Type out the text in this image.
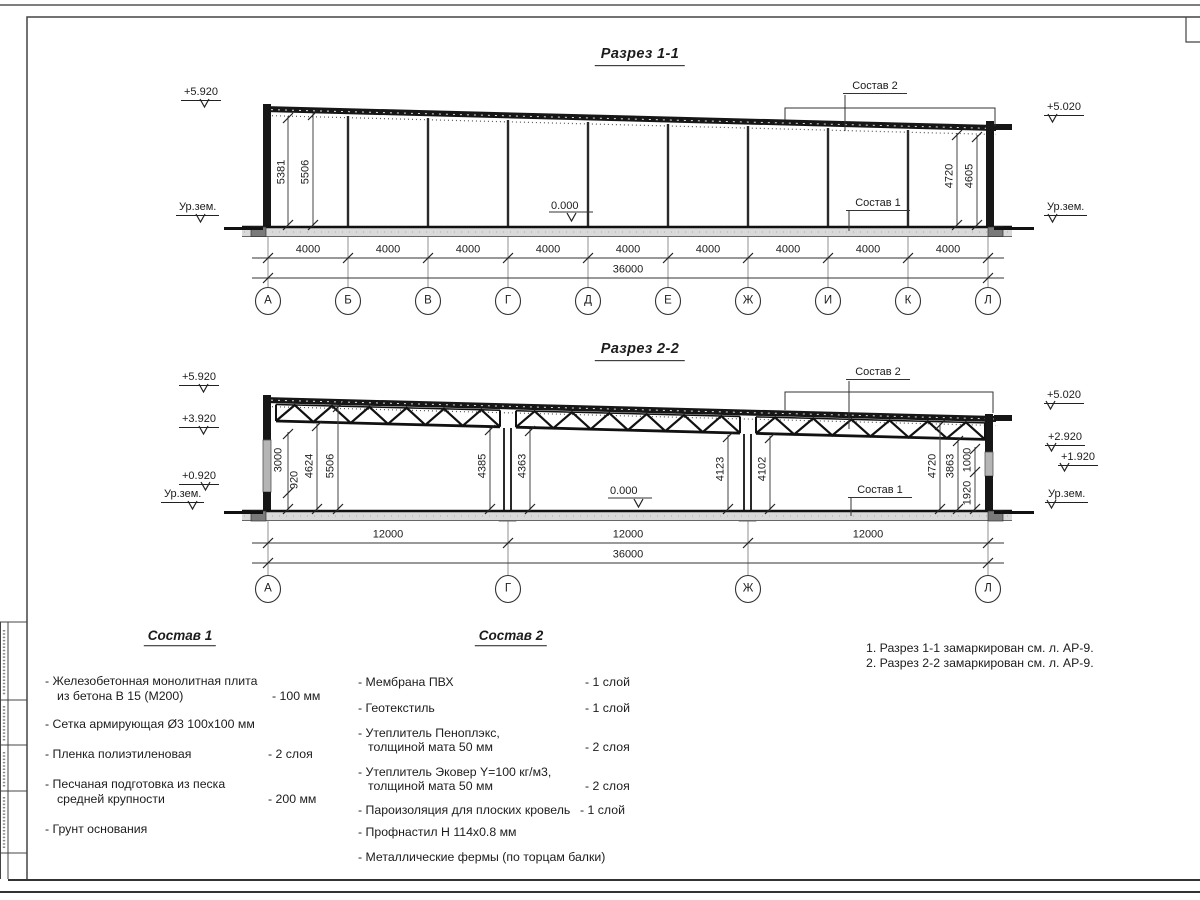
Разрез 1-1
+5.920
Ур.зем.
+5.020
Ур.зем.
0.000
5381 5506	4720 4605
Состав 2
Состав 1
4000	4000	4000	4000	4000	4000	4000	4000	4000
36000
А	Б	В	Г	Д	Е	Ж	И	К	Л
Разрез 2-2
+5.920
+3.920
+0.920
Ур.зем.
+5.020
+2.920
+1.920
Ур.зем.
0.000
3000
920
4624 5506	4385	4363	4123	4102	4720 3863 1000
1920
Состав 2
Состав 1
12000	12000	12000
36000
А	Г	Ж	Л
Состав 1
- Железобетонная монолитная плита
из бетона В 15 (М200)	- 100 мм
- Сетка армирующая Ø3 100х100 мм
- Пленка полиэтиленовая	- 2 слоя
- Песчаная подготовка из песка
средней крупности	- 200 мм
- Грунт основания
Состав 2
- Мембрана ПВХ	- 1 слой
- Геотекстиль	- 1 слой
- Утеплитель Пеноплэкс,
толщиной мата 50 мм	- 2 слоя
- Утеплитель Эковер Y=100 кг/м3,
толщиной мата 50 мм	- 2 слоя
- Пароизоляция для плоских кровель - 1 слой
- Профнастил Н 114х0.8 мм
- Металлические фермы (по торцам балки)
1. Разрез 1-1 замаркирован см. л. АР-9.
2. Разрез 2-2 замаркирован см. л. АР-9.
